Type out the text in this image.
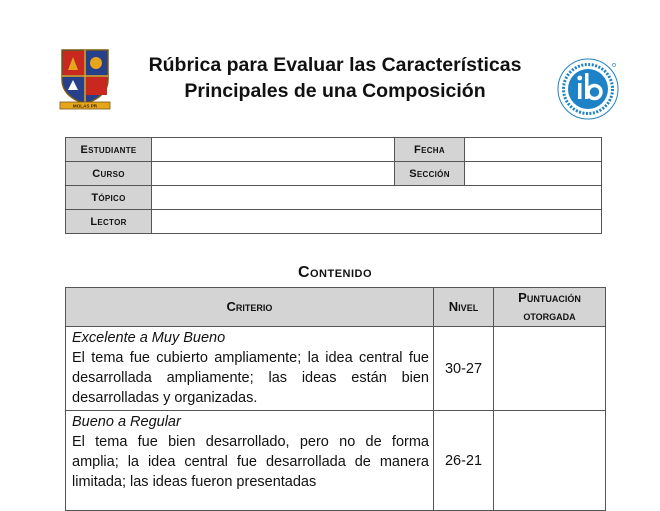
MOLAS PR
Rúbrica para Evaluar las Características
Principales de una Composición
Estudiante		Fecha	
Curso		Sección	
Tópico			
Lector			
Contenido
Criterio	Nivel	Puntuación otorgada

Excelente a Muy Bueno
El tema fue cubierto ampliamente; la idea central fue desarrollada ampliamente; las ideas están bien desarrolladas y organizadas.	30-27	

Bueno a Regular
El tema fue bien desarrollado, pero no de forma amplia; la idea central fue desarrollada de manera limitada; las ideas fueron presentadas	26-21	
